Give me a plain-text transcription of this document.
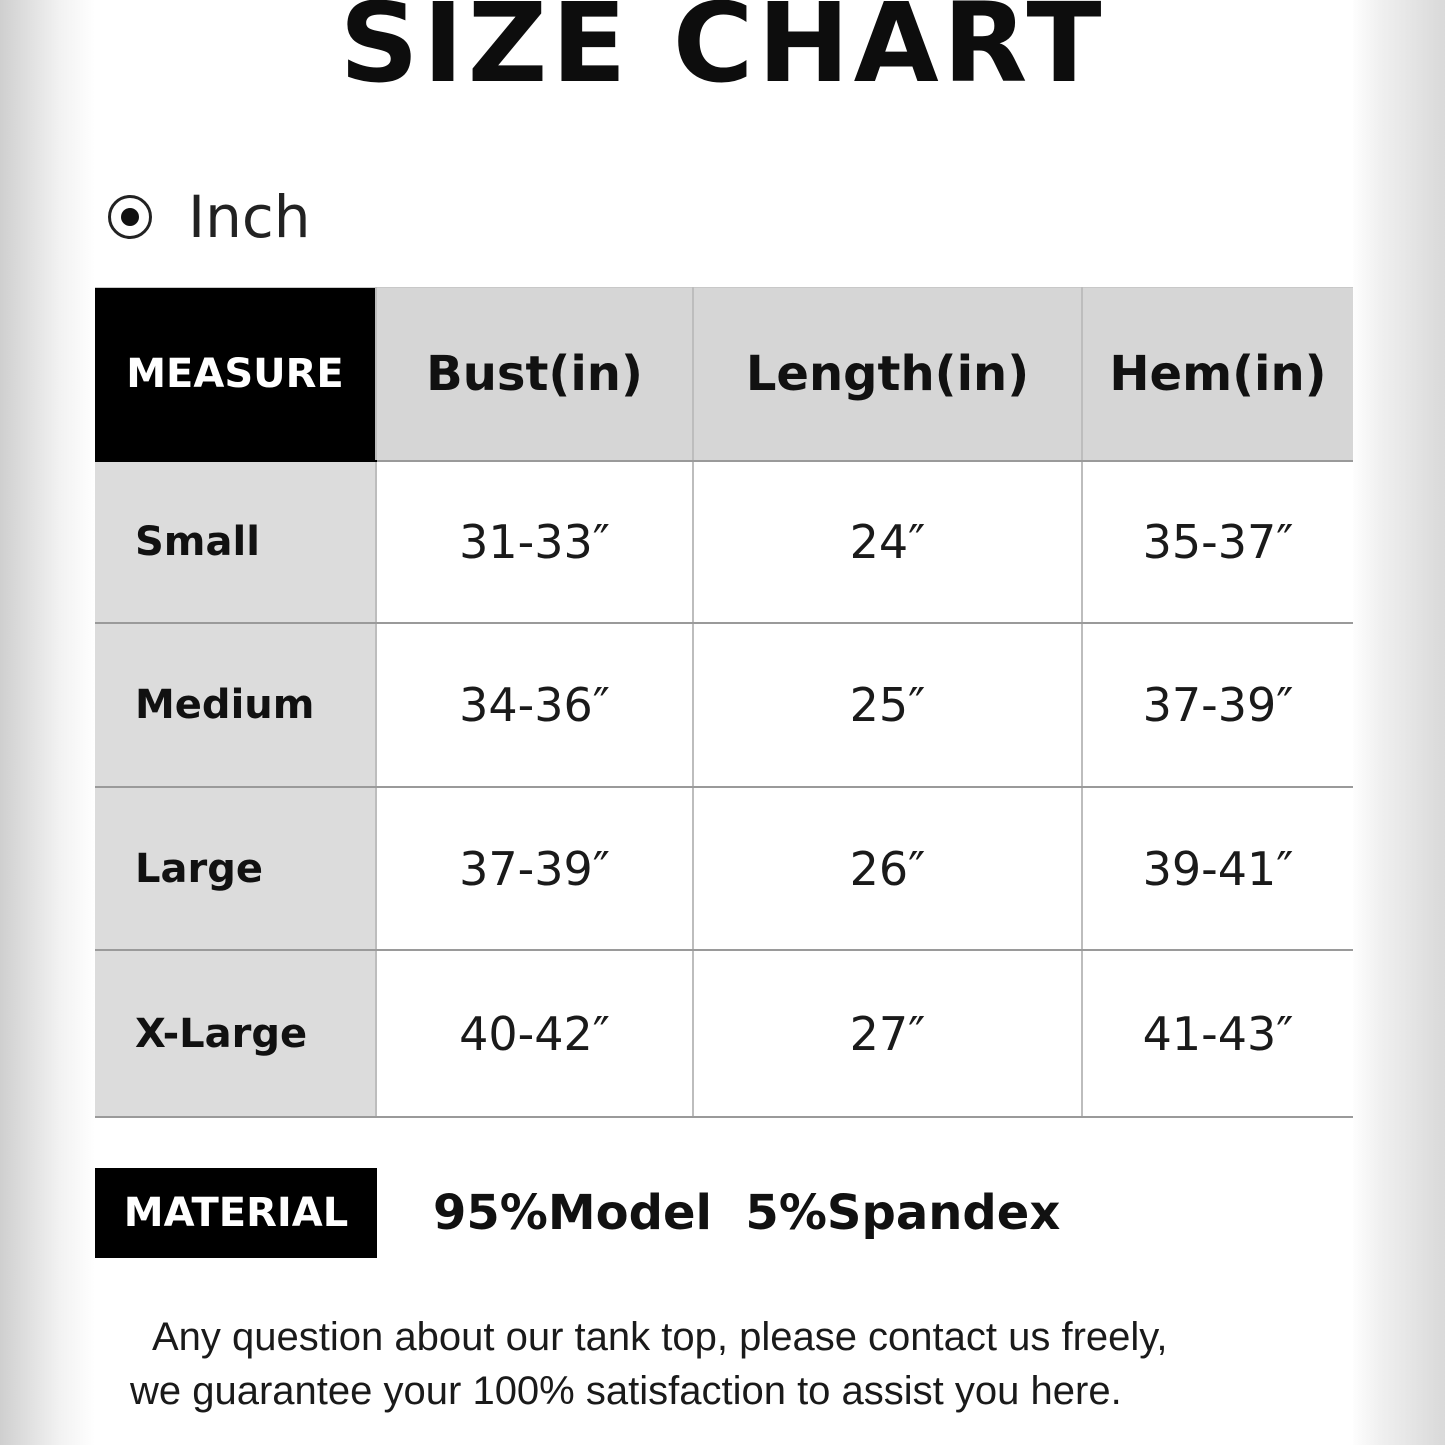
SIZE CHART
Inch
MEASURE	Bust(in)	Length(in)	Hem(in)
Small	31-33″	24″	35-37″
Medium	34-36″	25″	37-39″
Large	37-39″	26″	39-41″
X-Large	40-42″	27″	41-43″
MATERIAL	95%Model  5%Spandex

Any question about our tank top, please contact us freely,

we guarantee your 100% satisfaction to assist you here.
